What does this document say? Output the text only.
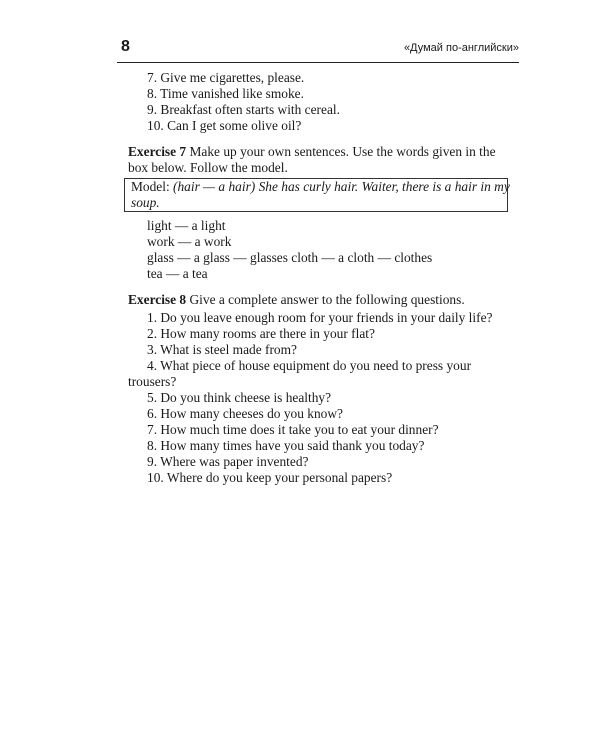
8	«Думай по-английски»
7. Give me cigarettes, please.
8. Time vanished like smoke.
9. Breakfast often starts with cereal.
10. Can I get some olive oil?
Exercise 7 Make up your own sentences. Use the words given in the
box below. Follow the model.
Model: (hair — a hair) She has curly hair. Waiter, there is a hair in my
soup.
light — a light
work — a work
glass — a glass — glasses cloth — a cloth — clothes
tea — a tea
Exercise 8 Give a complete answer to the following questions.
1. Do you leave enough room for your friends in your daily life?
2. How many rooms are there in your flat?
3. What is steel made from?
4. What piece of house equipment do you need to press your
trousers?
5. Do you think cheese is healthy?
6. How many cheeses do you know?
7. How much time does it take you to eat your dinner?
8. How many times have you said thank you today?
9. Where was paper invented?
10. Where do you keep your personal papers?
